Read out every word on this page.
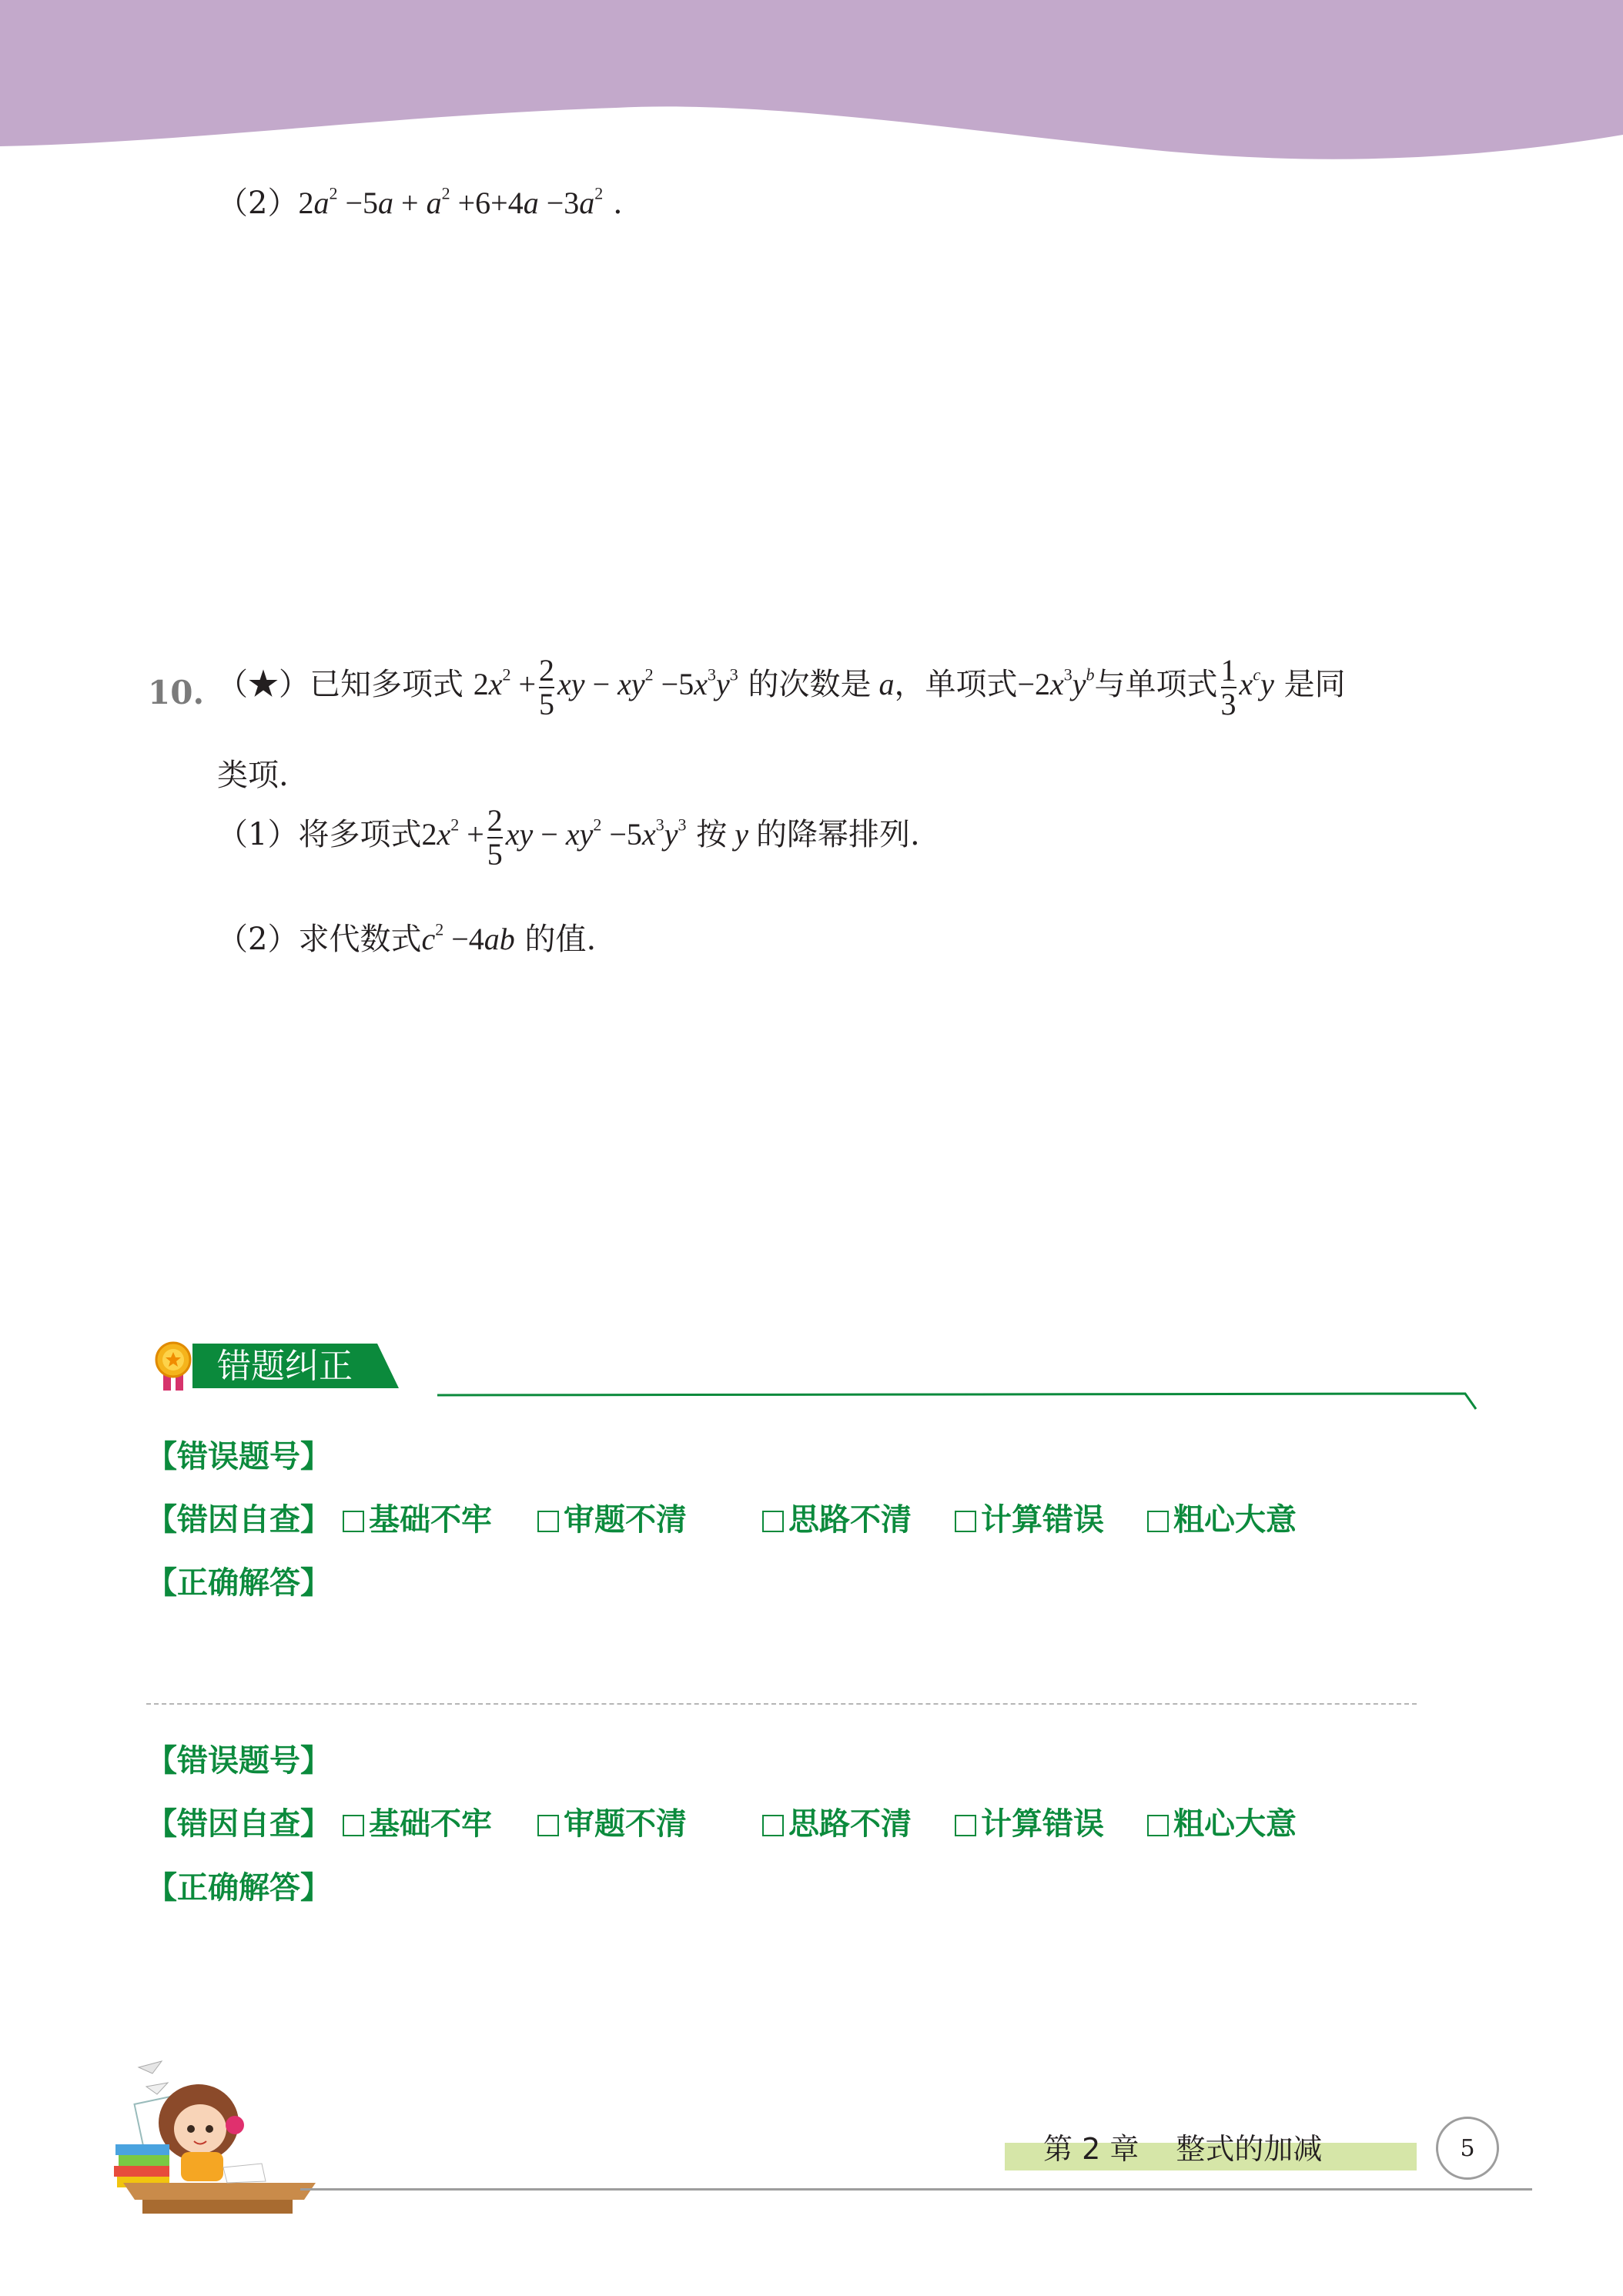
$(2)2a^2 -5a + a^2 +6+4a -3a^2$ .
10. （★）已知多项式 $2x^2 + \frac{2}{5}$ xy − $xy^2 -5x^3y^3$ 的次数是 a，单项式$-2x^3y^b$与单项式 $\frac{1}{3} x^cy$ 是同
类项.
（1）将多项式$2x^2 + \frac{2}{5}$ xy − $xy^2 -5x^3y^3$ 按 y 的降幂排列.
（2）求代数式$c^2 -4ab$ 的值.
错题纠正
【错误题号】
【错因自查】	基础不牢	审题不清	思路不清	计算错误	粗心大意
【正确解答】
【错误题号】
【错因自查】	基础不牢	审题不清	思路不清	计算错误	粗心大意
【正确解答】
第 2 章 整式的加减	5
